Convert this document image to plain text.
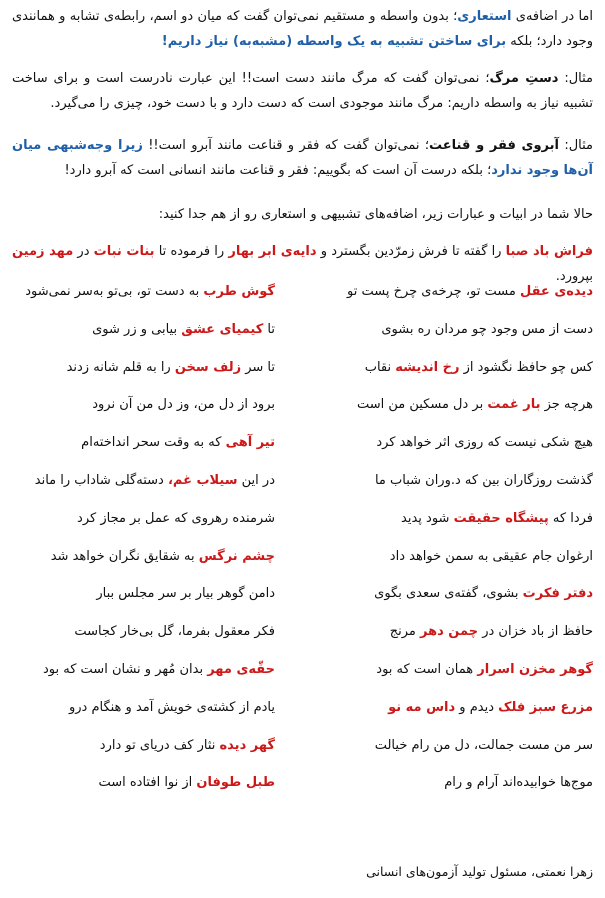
اما در اضافه‌ی استعاری؛ بدون واسطه و مستقیم نمی‌توان گفت که میان دو اسم، رابطه‌ی تشابه و همانندی وجود دارد؛ بلکه برای ساختن تشبیه به یک واسطه (مشبه‌به) نیاز داریم!

مثال: دستِ مرگ؛ نمی‌توان گفت که مرگ مانند دست است!! این عبارت نادرست است و برای ساخت تشبیه نیاز به واسطه داریم: مرگ مانند موجودی است که دست دارد و با دست خود، چیزی را می‌گیرد.

مثال: آبروی فقر و قناعت؛ نمی‌توان گفت که فقر و قناعت مانند آبرو است!! زیرا وجه‌شبهی میان آن‌ها وجود ندارد؛ بلکه درست آن است که بگوییم: فقر و قناعت مانند انسانی است که آبرو دارد!

حالا شما در ابیات و عبارات زیر، اضافه‌های تشبیهی و استعاری رو از هم جدا کنید:

فراش باد صبا را گفته تا فرش زمرّدین بگسترد و دایه‌ی ابر بهار را فرموده تا بنات نبات در مهد زمین بپرورد.

دیده‌ی عقل مست تو، چرخه‌ی چرخ پست تو
گوش طرب به دست تو، بی‌تو به‌سر نمی‌شود
دست از مس وجود چو مردان ره بشوی
تا کیمیای عشق بیابی و زر شوی
کس چو حافظ نگشود از رخ اندیشه نقاب
تا سر زلف سخن را به قلم شانه زدند
هرچه جز بار غمت بر دل مسکین من است
برود از دل من، وز دل من آن نرود
هیچ شکی نیست که روزی اثر خواهد کرد
تیر آهی که به وقت سحر انداخته‌ام
گذشت روزگاران بین که د.وران شباب ما
در این سیلاب غم، دسته‌گلی شاداب را ماند
فردا که پیشگاه حقیقت شود پدید
شرمنده رهروی که عمل بر مجاز کرد
ارغوان جام عقیقی به سمن خواهد داد
چشم نرگس به شقایق نگران خواهد شد
دفتر فکرت بشوی، گفته‌ی سعدی بگوی
دامن گوهر بیار بر سر مجلس ببار
حافظ از باد خزان در چمن دهر مرنج
فکر معقول بفرما، گل بی‌خار کجاست
گوهر مخزن اسرار همان است که بود
حقّه‌ی مهر بدان مُهر و نشان است که بود
مزرع سبز فلک دیدم و داس مه نو
یادم از کشته‌ی خویش آمد و هنگام درو
سر من مست جمالت، دل من رام خیالت
گهر دیده نثار کف دریای تو دارد
موج‌ها خوابیده‌اند آرام و رام
طبل طوفان از نوا افتاده است
زهرا نعمتی، مسئول تولید آزمون‌های انسانی
